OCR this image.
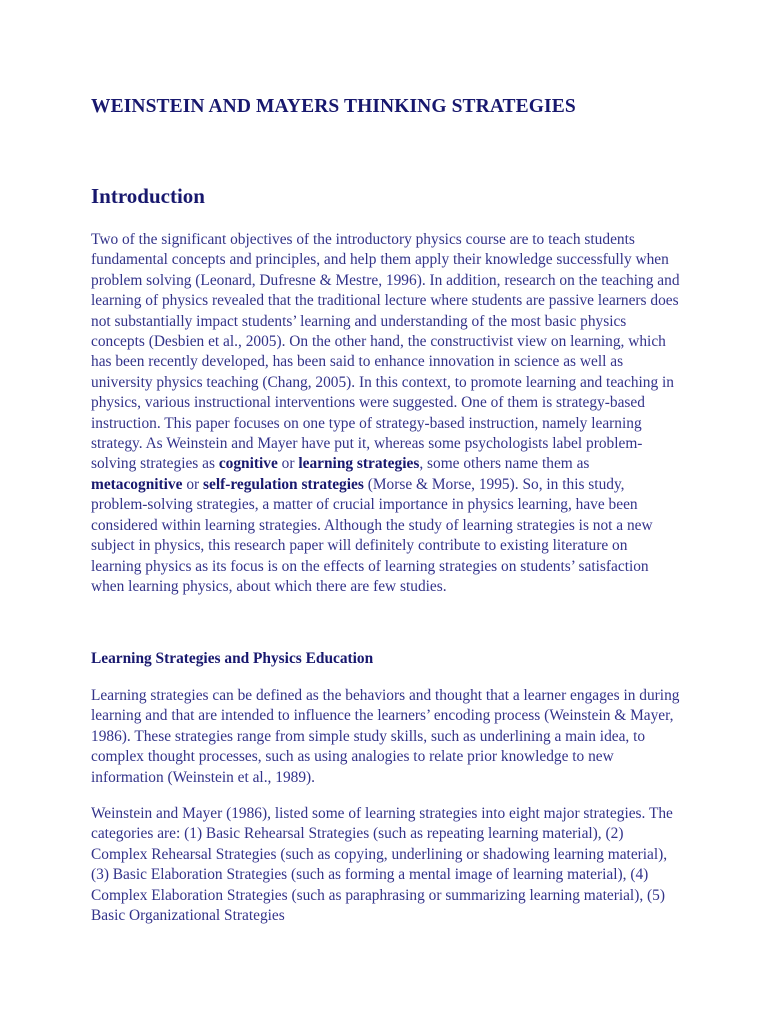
WEINSTEIN AND MAYERS THINKING STRATEGIES
Introduction

Two of the significant objectives of the introductory physics course are to teach students fundamental concepts and principles, and help them apply their knowledge successfully when problem solving (Leonard, Dufresne & Mestre, 1996). In addition, research on the teaching and learning of physics revealed that the traditional lecture where students are passive learners does not substantially impact students’ learning and understanding of the most basic physics concepts (Desbien et al., 2005). On the other hand, the constructivist view on learning, which has been recently developed, has been said to enhance innovation in science as well as university physics teaching (Chang, 2005). In this context, to promote learning and teaching in physics, various instructional interventions were suggested. One of them is strategy-based instruction. This paper focuses on one type of strategy-based instruction, namely learning strategy. As Weinstein and Mayer have put it, whereas some psychologists label problem-solving strategies as cognitive or learning strategies, some others name them as metacognitive or self-regulation strategies (Morse & Morse, 1995). So, in this study, problem-solving strategies, a matter of crucial importance in physics learning, have been considered within learning strategies. Although the study of learning strategies is not a new subject in physics, this research paper will definitely contribute to existing literature on learning physics as its focus is on the effects of learning strategies on students’ satisfaction when learning physics, about which there are few studies.

Learning Strategies and Physics Education

Learning strategies can be defined as the behaviors and thought that a learner engages in during learning and that are intended to influence the learners’ encoding process (Weinstein & Mayer, 1986). These strategies range from simple study skills, such as underlining a main idea, to complex thought processes, such as using analogies to relate prior knowledge to new information (Weinstein et al., 1989).

Weinstein and Mayer (1986), listed some of learning strategies into eight major strategies. The categories are: (1) Basic Rehearsal Strategies (such as repeating learning material), (2) Complex Rehearsal Strategies (such as copying, underlining or shadowing learning material), (3) Basic Elaboration Strategies (such as forming a mental image of learning material), (4) Complex Elaboration Strategies (such as paraphrasing or summarizing learning material), (5) Basic Organizational Strategies
